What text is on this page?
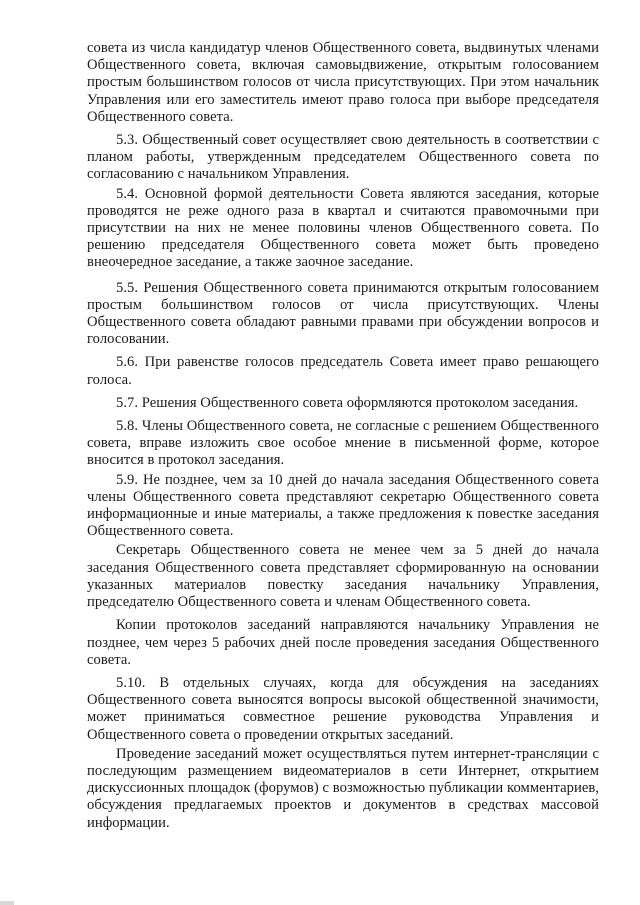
совета из числа кандидатур членов Общественного совета, выдвинутых членами Общественного совета, включая самовыдвижение, открытым голосованием простым большинством голосов от числа присутствующих. При этом начальник Управления или его заместитель имеют право голоса при выборе председателя Общественного совета.

5.3. Общественный совет осуществляет свою деятельность в соответствии с планом работы, утвержденным председателем Общественного совета по согласованию с начальником Управления.

5.4. Основной формой деятельности Совета являются заседания, которые проводятся не реже одного раза в квартал и считаются правомочными при присутствии на них не менее половины членов Общественного совета. По решению председателя Общественного совета может быть проведено внеочередное заседание, а также заочное заседание.

5.5. Решения Общественного совета принимаются открытым голосованием простым большинством голосов от числа присутствующих. Члены Общественного совета обладают равными правами при обсуждении вопросов и голосовании.

5.6. При равенстве голосов председатель Совета имеет право решающего голоса.

5.7. Решения Общественного совета оформляются протоколом заседания.

5.8. Члены Общественного совета, не согласные с решением Общественного совета, вправе изложить свое особое мнение в письменной форме, которое вносится в протокол заседания.

5.9. Не позднее, чем за 10 дней до начала заседания Общественного совета члены Общественного совета представляют секретарю Общественного совета информационные и иные материалы, а также предложения к повестке заседания Общественного совета.

Секретарь Общественного совета не менее чем за 5 дней до начала заседания Общественного совета представляет сформированную на основании указанных материалов повестку заседания начальнику Управления, председателю Общественного совета и членам Общественного совета.

Копии протоколов заседаний направляются начальнику Управления не позднее, чем через 5 рабочих дней после проведения заседания Общественного совета.

5.10. В отдельных случаях, когда для обсуждения на заседаниях Общественного совета выносятся вопросы высокой общественной значимости, может приниматься совместное решение руководства Управления и Общественного совета о проведении открытых заседаний.

Проведение заседаний может осуществляться путем интернет-трансляции с последующим размещением видеоматериалов в сети Интернет, открытием дискуссионных площадок (форумов) с возможностью публикации комментариев, обсуждения предлагаемых проектов и документов в средствах массовой информации.
